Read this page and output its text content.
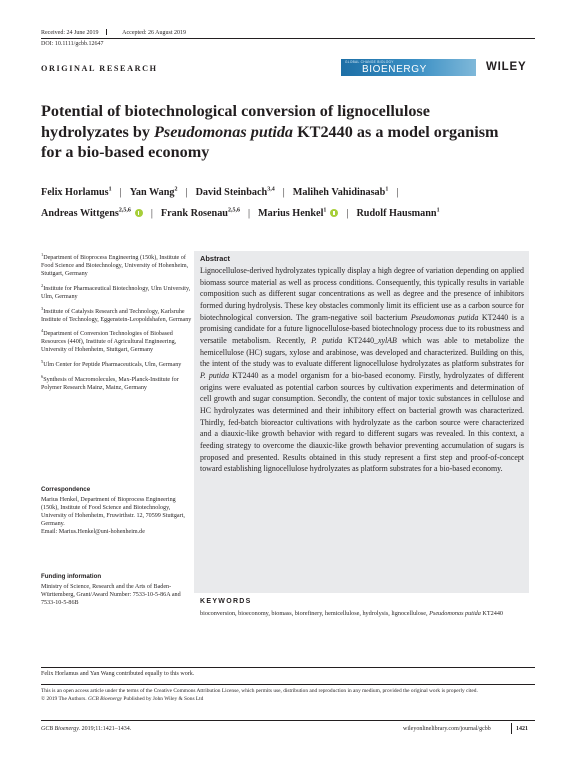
Received: 24 June 2019	Accepted: 26 August 2019
DOI: 10.1111/gcbb.12647
ORIGINAL RESEARCH
GLOBAL CHANGE BIOLOGY
BIOENERGY	WILEY
Potential of biotechnological conversion of lignocellulose hydrolyzates by Pseudomonas putida KT2440 as a model organism for a bio-based economy
Felix Horlamus$^1$ | Yan Wang$^2$ | David Steinbach$^{3,4}$ | Maliheh Vahidinasab$^1$ |
Andreas Wittgens$^{2,5,6}$ | Frank Rosenau$^{2,5,6}$ | Marius Henkel$^1$ | Rudolf Hausmann$^1$

$^1$Department of Bioprocess Engineering (150k), Institute of Food Science and Biotechnology, University of Hohenheim, Stuttgart, Germany

$^2$Institute for Pharmaceutical Biotechnology, Ulm University, Ulm, Germany

$^3$Institute of Catalysis Research and Technology, Karlsruhe Institute of Technology, Eggenstein-Leopoldshafen, Germany

$^4$Department of Conversion Technologies of Biobased Resources (440f), Institute of Agricultural Engineering, University of Hohenheim, Stuttgart, Germany

$^5$Ulm Center for Peptide Pharmaceuticals, Ulm, Germany

$^6$Synthesis of Macromolecules, Max-Planck-Institute for Polymer Research Mainz, Mainz, Germany

Correspondence

Marius Henkel, Department of Bioprocess Engineering (150k), Institute of Food Science and Biotechnology, University of Hohenheim, Fruwirthstr. 12, 70599 Stuttgart, Germany.

Email: Marius.Henkel@uni-hohenheim.de

Funding information

Ministry of Science, Research and the Arts of Baden-Württemberg, Grant/Award Number: 7533-10-5-86A and 7533-10-5-86B

Abstract
Lignocellulose-derived hydrolyzates typically display a high degree of variation depending on applied biomass source material as well as process conditions. Consequently, this typically results in variable composition such as different sugar concentrations as well as degree and the presence of inhibitors formed during hydrolysis. These key obstacles commonly limit its efficient use as a carbon source for biotechnological conversion. The gram-negative soil bacterium Pseudomonas putida KT2440 is a promising candidate for a future lignocellulose-based biotechnology process due to its robustness and versatile metabolism. Recently, P. putida KT2440_xylAB which was able to metabolize the hemicellulose (HC) sugars, xylose and arabinose, was developed and characterized. Building on this, the intent of the study was to evaluate different lignocellulose hydrolyzates as platform substrates for P. putida KT2440 as a model organism for a bio-based economy. Firstly, hydrolyzates of different origins were evaluated as potential carbon sources by cultivation experiments and determination of cell growth and sugar consumption. Secondly, the content of major toxic substances in cellulose and HC hydrolyzates was determined and their inhibitory effect on bacterial growth was characterized. Thirdly, fed-batch bioreactor cultivations with hydrolyzate as the carbon source were characterized and a diauxic-like growth behavior with regard to different sugars was revealed. In this context, a feeding strategy to overcome the diauxic-like growth behavior preventing accumulation of sugars is proposed and presented. Results obtained in this study represent a first step and proof-of-concept toward establishing lignocellulose hydrolyzates as platform substrates for a bio-based economy.
KEYWORDS
bioconversion, bioeconomy, biomass, biorefinery, hemicellulose, hydrolysis, lignocellulose, Pseudomonas putida KT2440
Felix Horlamus and Yan Wang contributed equally to this work.
This is an open access article under the terms of the Creative Commons Attribution License, which permits use, distribution and reproduction in any medium, provided the original work is properly cited.
© 2019 The Authors. GCB Bioenergy Published by John Wiley & Sons Ltd
GCB Bioenergy. 2019;11:1421–1434.	wileyonlinelibrary.com/journal/gcbb	1421
